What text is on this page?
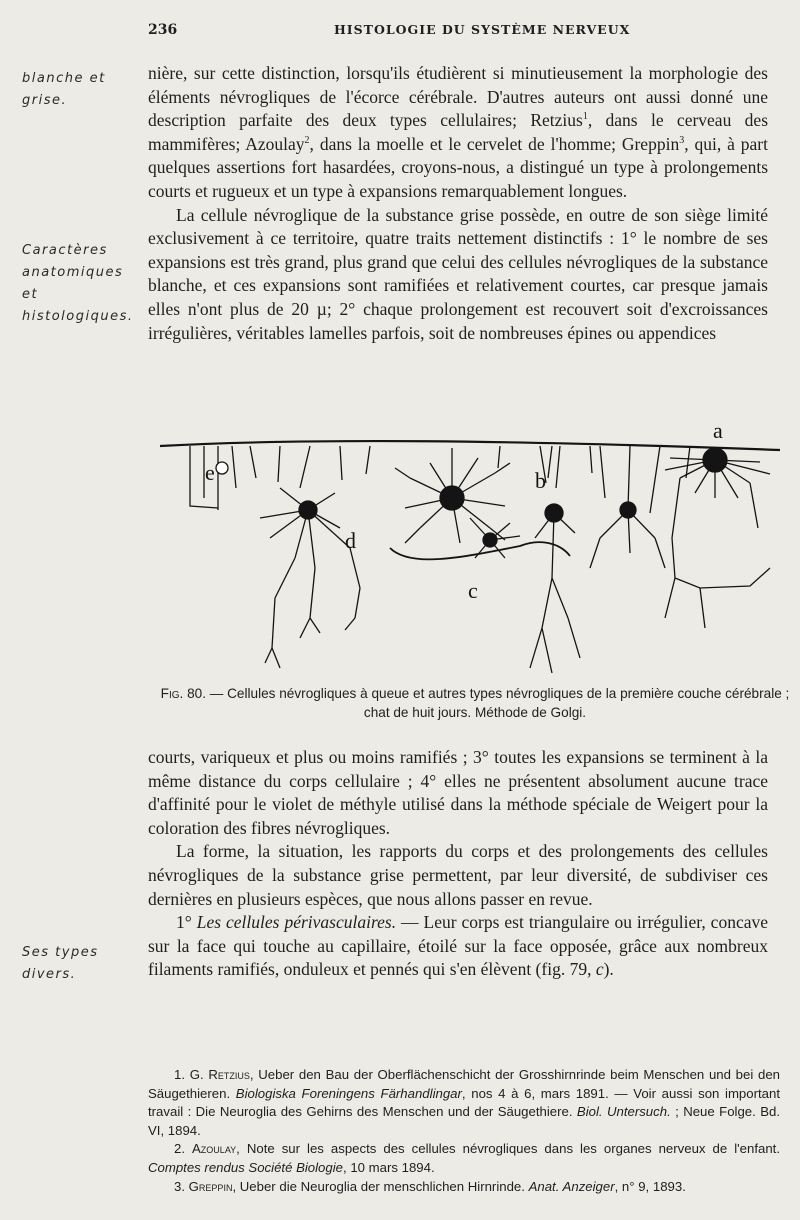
236	HISTOLOGIE DU SYSTÈME NERVEUX
blanche et grise.
Caractères anatomiques et histologiques.
Ses types divers.

nière, sur cette distinction, lorsqu'ils étudièrent si minutieusement la morphologie des éléments névrogliques de l'écorce cérébrale. D'autres auteurs ont aussi donné une description parfaite des deux types cellulaires; Retzius$^1$, dans le cerveau des mammifères; Azoulay$^2$, dans la moelle et le cervelet de l'homme; Greppin$^3$, qui, à part quelques assertions fort hasardées, croyons-nous, a distingué un type à prolongements courts et rugueux et un type à expansions remarquablement longues.

La cellule névroglique de la substance grise possède, en outre de son siège limité exclusivement à ce territoire, quatre traits nettement distinctifs : 1° le nombre de ses expansions est très grand, plus grand que celui des cellules névrogliques de la substance blanche, et ces expansions sont ramifiées et relativement courtes, car presque jamais elles n'ont plus de 20 µ; 2° chaque prolongement est recouvert soit d'excroissances irrégulières, véritables lamelles parfois, soit de nombreuses épines ou appendices

a
b
c
d
e
Fig. 80. — Cellules névrogliques à queue et autres types névrogliques de la première couche cérébrale ; chat de huit jours. Méthode de Golgi.

courts, variqueux et plus ou moins ramifiés ; 3° toutes les expansions se terminent à la même distance du corps cellulaire ; 4° elles ne présentent absolument aucune trace d'affinité pour le violet de méthyle utilisé dans la méthode spéciale de Weigert pour la coloration des fibres névrogliques.

La forme, la situation, les rapports du corps et des prolongements des cellules névrogliques de la substance grise permettent, par leur diversité, de subdiviser ces dernières en plusieurs espèces, que nous allons passer en revue.

1° Les cellules périvasculaires. — Leur corps est triangulaire ou irrégulier, concave sur la face qui touche au capillaire, étoilé sur la face opposée, grâce aux nombreux filaments ramifiés, onduleux et pennés qui s'en élèvent (fig. 79, c).

1. G. Retzius, Ueber den Bau der Oberflächenschicht der Grosshirnrinde beim Menschen und bei den Säugethieren. Biologiska Foreningens Färhandlingar, nos 4 à 6, mars 1891. — Voir aussi son important travail : Die Neuroglia des Gehirns des Menschen und der Säugethiere. Biol. Untersuch. ; Neue Folge. Bd. VI, 1894.

2. Azoulay, Note sur les aspects des cellules névrogliques dans les organes nerveux de l'enfant. Comptes rendus Société Biologie, 10 mars 1894.

3. Greppin, Ueber die Neuroglia der menschlichen Hirnrinde. Anat. Anzeiger, n° 9, 1893.
